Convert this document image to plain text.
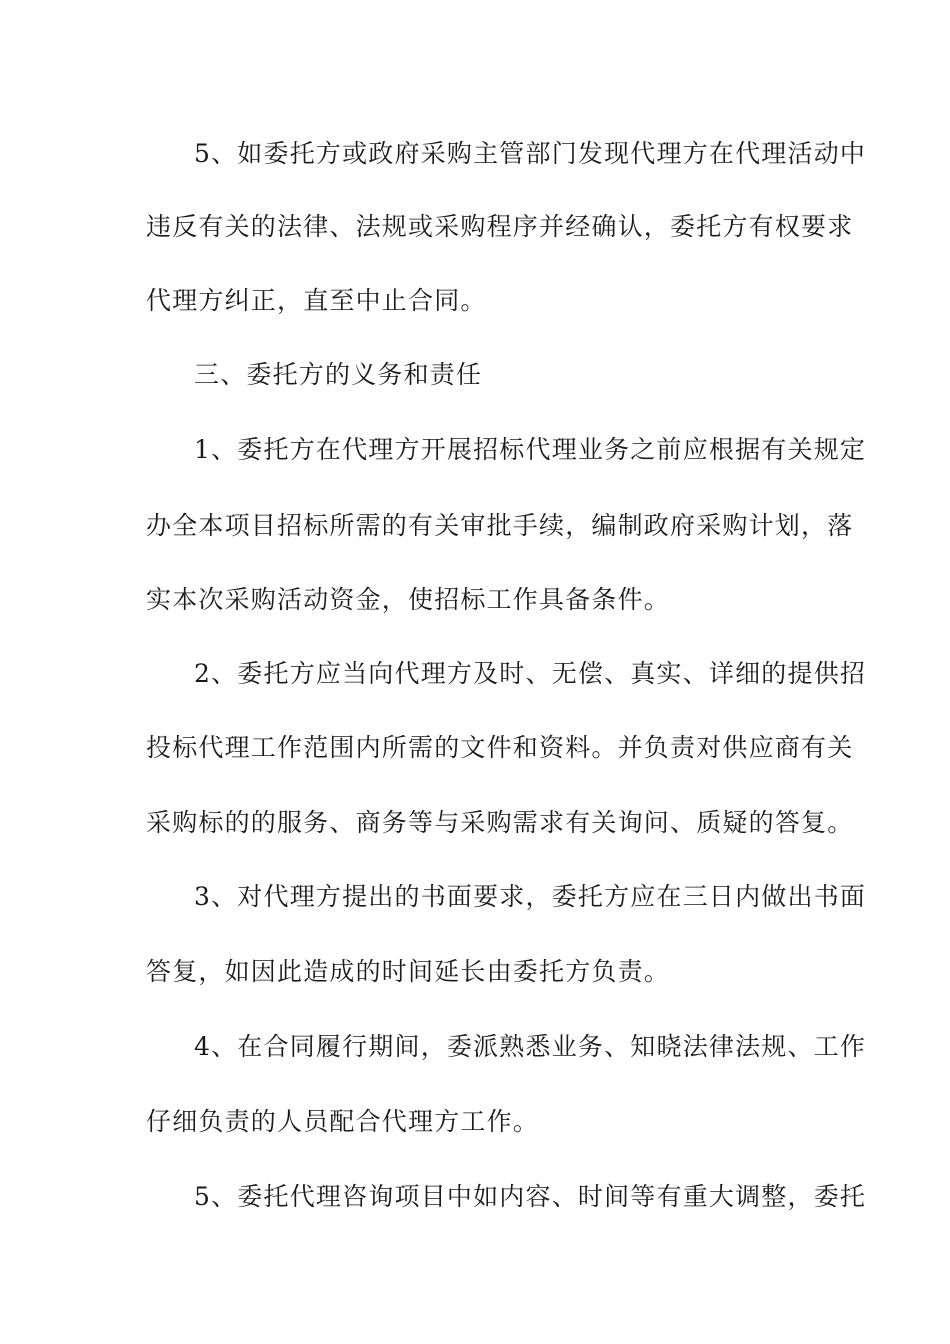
5、如委托方或政府采购主管部门发现代理方在代理活动中
违反有关的法律、法规或采购程序并经确认，委托方有权要求
代理方纠正，直至中止合同。
三、委托方的义务和责任
1、委托方在代理方开展招标代理业务之前应根据有关规定
办全本项目招标所需的有关审批手续，编制政府采购计划，落
实本次采购活动资金，使招标工作具备条件。
2、委托方应当向代理方及时、无偿、真实、详细的提供招
投标代理工作范围内所需的文件和资料。并负责对供应商有关
采购标的的服务、商务等与采购需求有关询问、质疑的答复。
3、对代理方提出的书面要求，委托方应在三日内做出书面
答复，如因此造成的时间延长由委托方负责。
4、在合同履行期间，委派熟悉业务、知晓法律法规、工作
仔细负责的人员配合代理方工作。
5、委托代理咨询项目中如内容、时间等有重大调整，委托
